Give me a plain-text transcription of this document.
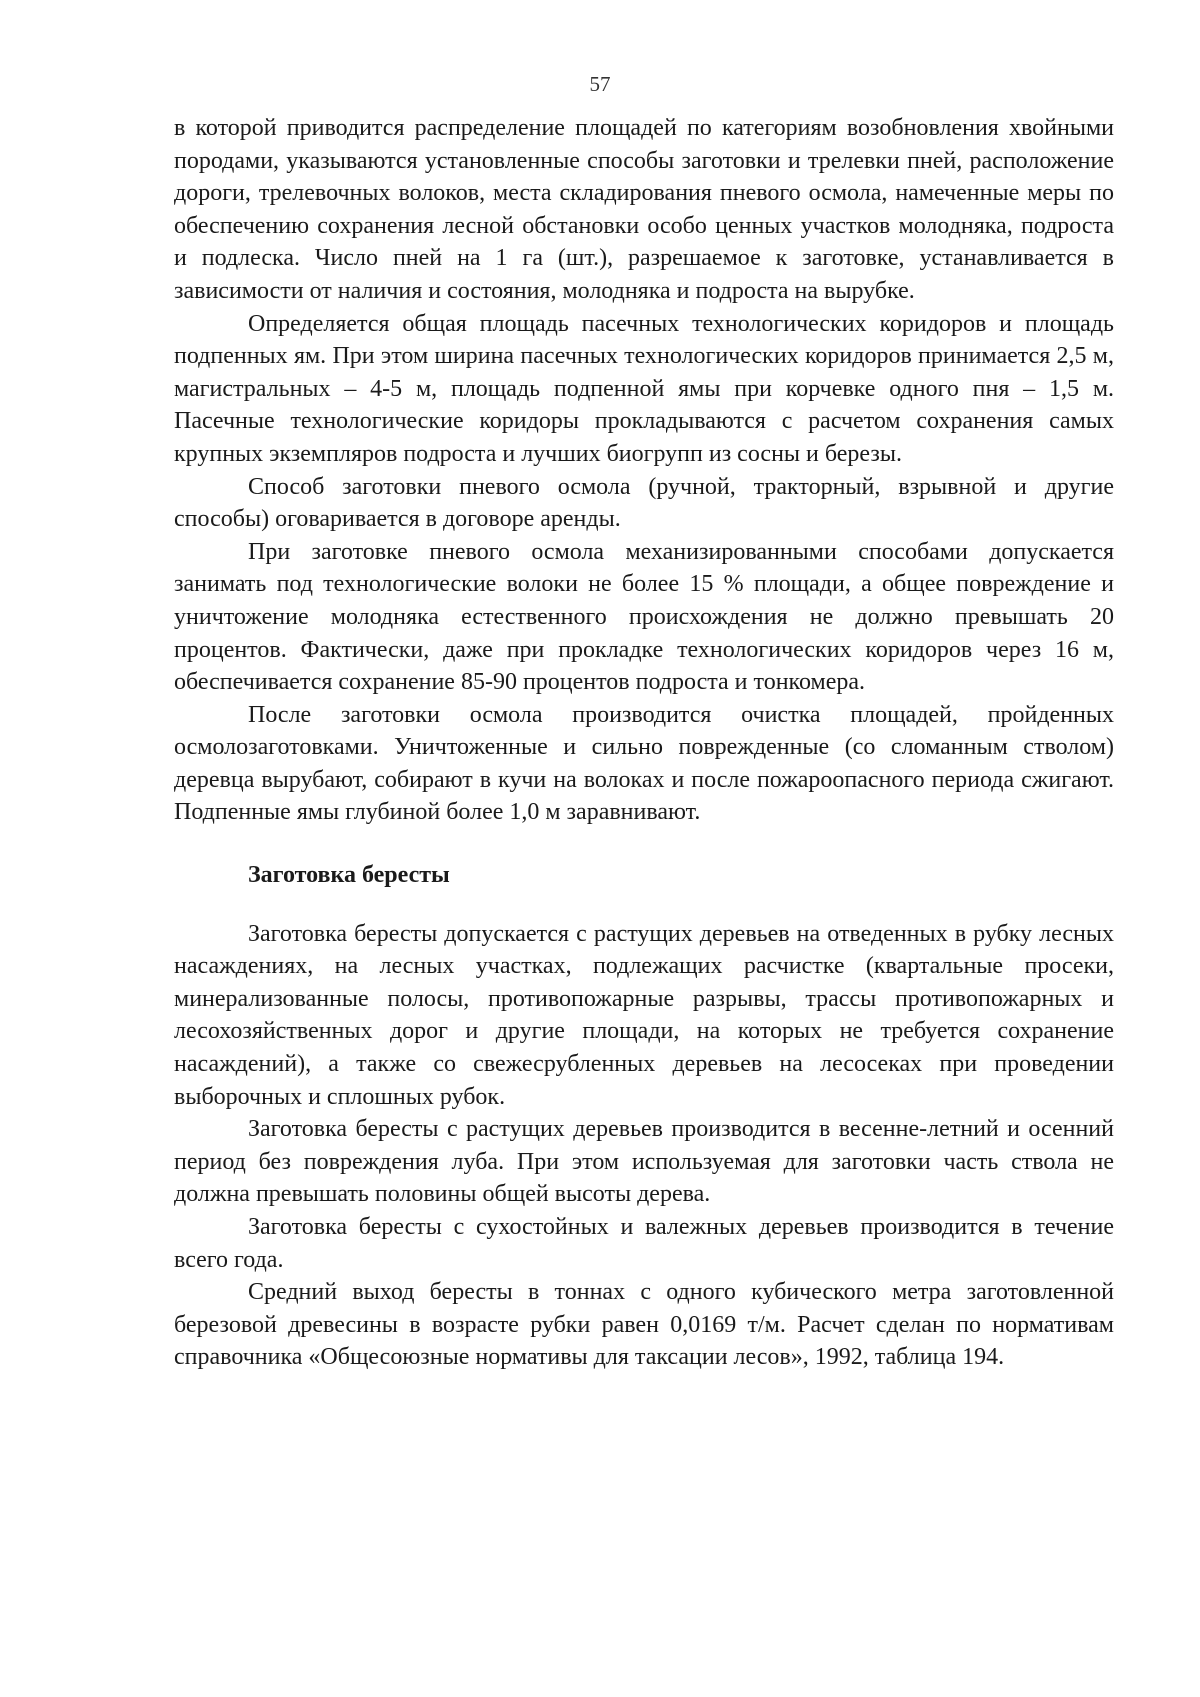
57

в которой приводится распределение площадей по категориям возобновления хвойными породами, указываются установленные способы заготовки и трелевки пней, расположение дороги, трелевочных волоков, места складирования пневого осмола, намеченные меры по обеспечению сохранения лесной обстановки особо ценных участков молодняка, подроста и подлеска. Число пней на 1 га (шт.), разрешаемое к заготовке, устанавливается в зависимости от наличия и состояния, молодняка и подроста на вырубке.

Определяется общая площадь пасечных технологических коридоров и площадь подпенных ям. При этом ширина пасечных технологических коридоров принимается 2,5 м, магистральных – 4-5 м, площадь подпенной ямы при корчевке одного пня – 1,5 м. Пасечные технологические коридоры прокладываются с расчетом сохранения самых крупных экземпляров подроста и лучших биогрупп из сосны и березы.

Способ заготовки пневого осмола (ручной, тракторный, взрывной и другие способы) оговаривается в договоре аренды.

При заготовке пневого осмола механизированными способами допускается занимать под технологические волоки не более 15 % площади, а общее повреждение и уничтожение молодняка естественного происхождения не должно превышать 20 процентов. Фактически, даже при прокладке технологических коридоров через 16 м, обеспечивается сохранение 85-90 процентов подроста и тонкомера.

После заготовки осмола производится очистка площадей, пройденных осмолозаготовками. Уничтоженные и сильно поврежденные (со сломанным стволом) деревца вырубают, собирают в кучи на волоках и после пожароопасного периода сжигают. Подпенные ямы глубиной более 1,0 м заравнивают.

Заготовка бересты

Заготовка бересты допускается с растущих деревьев на отведенных в рубку лесных насаждениях, на лесных участках, подлежащих расчистке (квартальные просеки, минерализованные полосы, противопожарные разрывы, трассы противопожарных и лесохозяйственных дорог и другие площади, на которых не требуется сохранение насаждений), а также со свежесрубленных деревьев на лесосеках при проведении выборочных и сплошных рубок.

Заготовка бересты с растущих деревьев производится в весенне-летний и осенний период без повреждения луба. При этом используемая для заготовки часть ствола не должна превышать половины общей высоты дерева.

Заготовка бересты с сухостойных и валежных деревьев производится в течение всего года.

Средний выход бересты в тоннах с одного кубического метра заготовленной березовой древесины в возрасте рубки равен 0,0169 т/м. Расчет сделан по нормативам справочника «Общесоюзные нормативы для таксации лесов», 1992, таблица 194.
